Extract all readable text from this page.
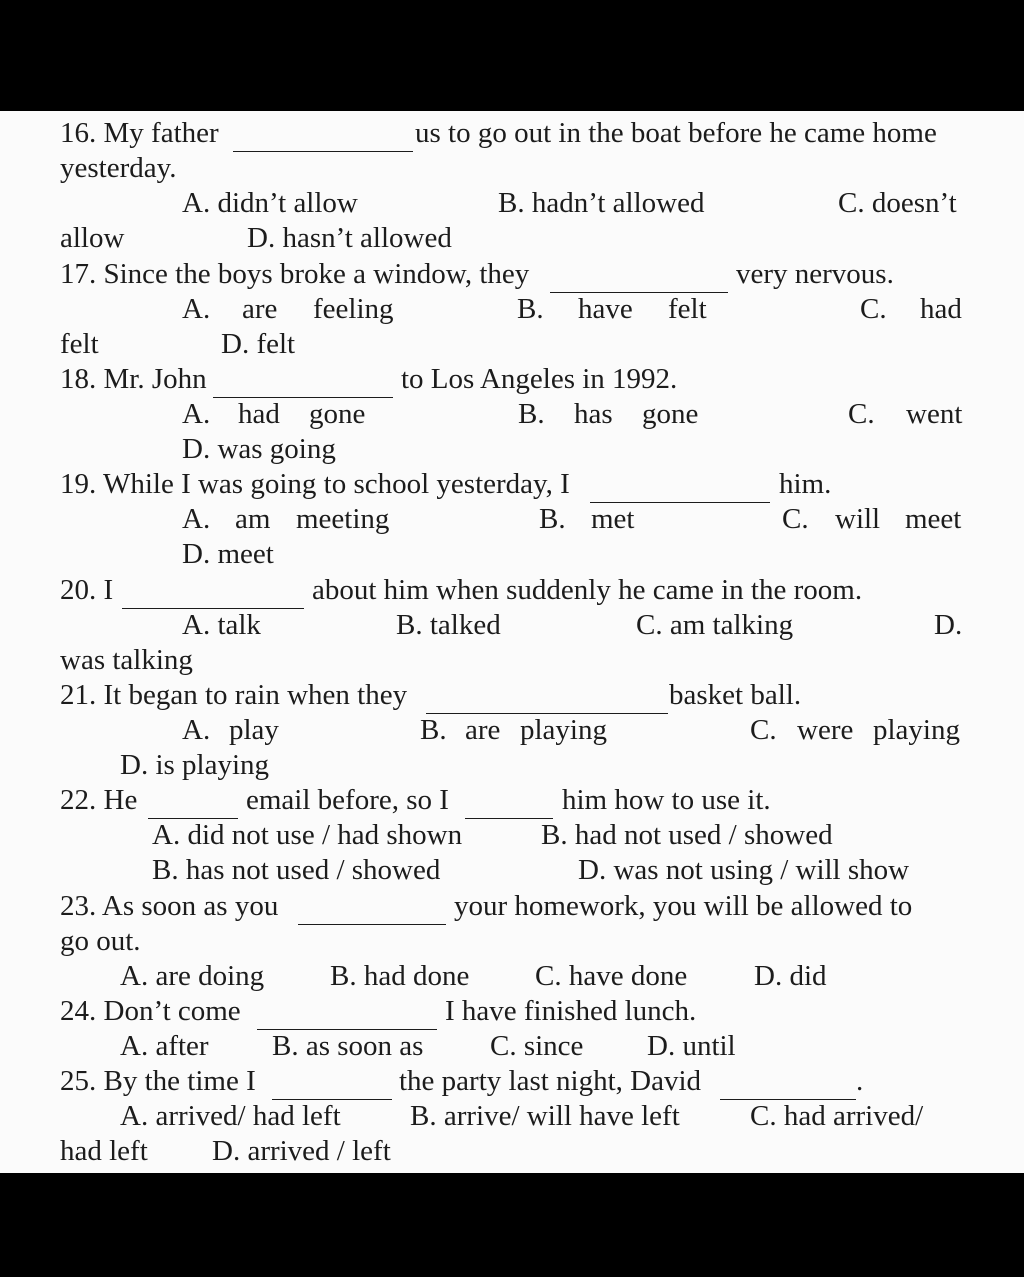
16. My father	us to go out in the boat before he came home
yesterday.
A. didn’t allow	B. hadn’t allowed	C. doesn’t
allow	D. hasn’t allowed
17. Since the boys broke a window, they	very nervous.
A. are feeling	B. have felt	C. had
felt	D. felt
18. Mr. John	to Los Angeles in 1992.
A. had gone	B. has gone	C. went
D. was going
19. While I was going to school yesterday, I	him.
A. am meeting	B. met	C. will meet
D. meet
20. I	about him when suddenly he came in the room.
A. talk	B. talked	C. am talking	D.
was talking
21. It began to rain when they	basket ball.
A. play	B. are playing	C. were playing
D. is playing
22. He	email before, so I	him how to use it.
A. did not use / had shown	B. had not used / showed
B. has not used / showed	D. was not using / will show
23. As soon as you	your homework, you will be allowed to
go out.
A. are doing B. had done C. have done D. did
24. Don’t come	I have finished lunch.
A. after B. as soon as C. since D. until
25. By the time I	the party last night, David	.
A. arrived/ had left B. arrive/ will have left C. had arrived/
had left D. arrived / left
